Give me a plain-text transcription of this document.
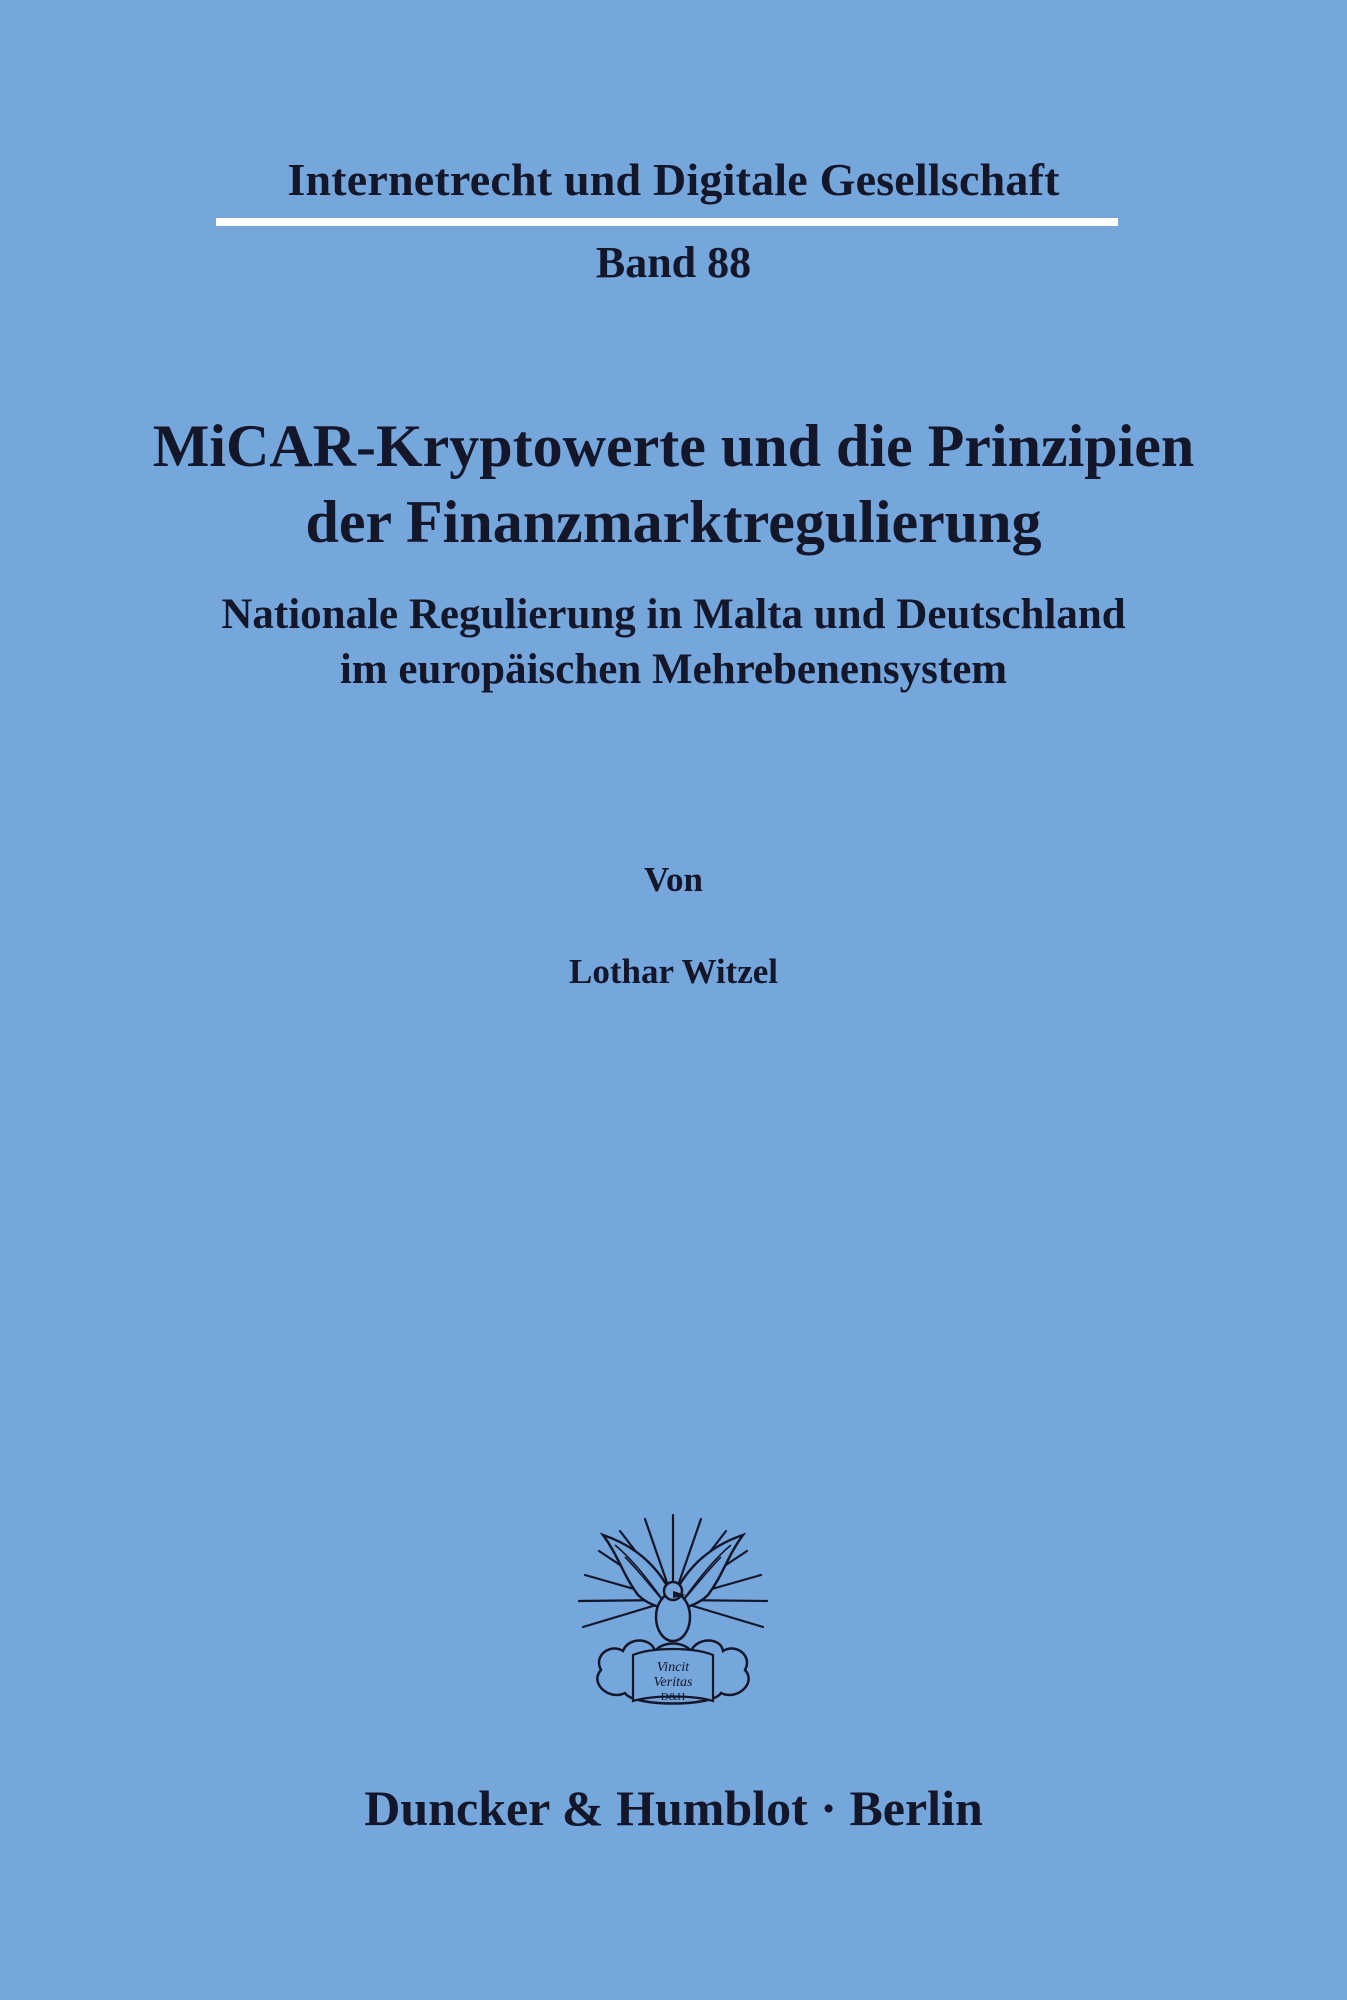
Internetrecht und Digitale Gesellschaft
Band 88
MiCAR-Kryptowerte und die Prinzipien
der Finanzmarktregulierung
Nationale Regulierung in Malta und Deutschland
im europäischen Mehrebenensystem
Von
Lothar Witzel
Vincit
Veritas
D&H
Duncker & Humblot · Berlin
